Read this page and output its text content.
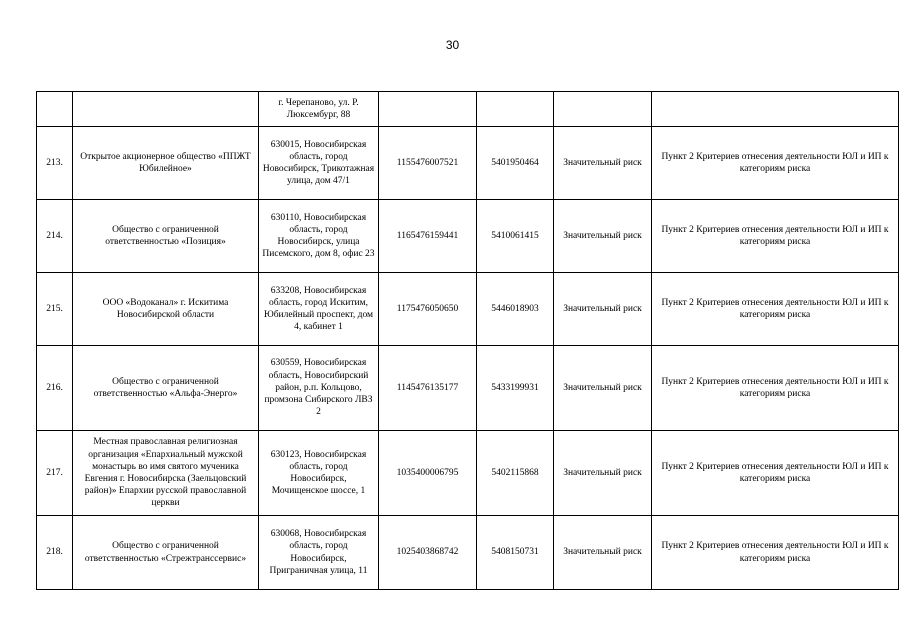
30
		г. Черепаново, ул. Р. Люксембург, 88				
213.	Открытое акционерное общество «ППЖТ Юбилейное»	630015, Новосибирская область, город Новосибирск, Трикотажная улица, дом 47/1	1155476007521	5401950464	Значительный риск	Пункт 2 Критериев отнесения деятельности ЮЛ и ИП к категориям риска
214.	Общество с ограниченной ответственностью «Позиция»	630110, Новосибирская область, город Новосибирск, улица Писемского, дом 8, офис 23	1165476159441	5410061415	Значительный риск	Пункт 2 Критериев отнесения деятельности ЮЛ и ИП к категориям риска
215.	ООО «Водоканал» г. Искитима Новосибирской области	633208, Новосибирская область, город Искитим, Юбилейный проспект, дом 4, кабинет 1	1175476050650	5446018903	Значительный риск	Пункт 2 Критериев отнесения деятельности ЮЛ и ИП к категориям риска
216.	Общество с ограниченной ответственностью «Альфа-Энерго»	630559, Новосибирская область, Новосибирский район, р.п. Кольцово, промзона Сибирского ЛВЗ 2	1145476135177	5433199931	Значительный риск	Пункт 2 Критериев отнесения деятельности ЮЛ и ИП к категориям риска
217.	Местная православная религиозная организация «Епархиальный мужской монастырь во имя святого мученика Евгения г. Новосибирска (Заельцовский район)» Епархии русской православной церкви	630123, Новосибирская область, город Новосибирск, Мочищенское шоссе, 1	1035400006795	5402115868	Значительный риск	Пункт 2 Критериев отнесения деятельности ЮЛ и ИП к категориям риска
218.	Общество с ограниченной ответственностью «Стрежтранссервис»	630068, Новосибирская область, город Новосибирск, Приграничная улица, 11	1025403868742	5408150731	Значительный риск	Пункт 2 Критериев отнесения деятельности ЮЛ и ИП к категориям риска
